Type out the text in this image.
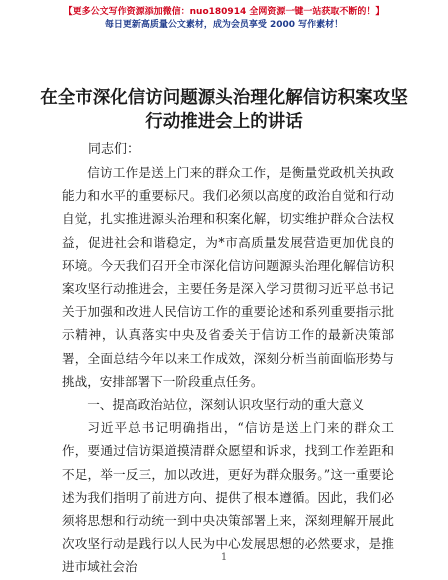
【更多公文写作资源添加微信：nuo180914 全网资源一键一站获取不断的！】
每日更新高质量公文素材，成为会员享受 2000 写作素材！
在全市深化信访问题源头治理化解信访积案攻坚行动推进会上的讲话
同志们：

信访工作是送上门来的群众工作，是衡量党政机关执政能力和水平的重要标尺。我们必须以高度的政治自觉和行动自觉，扎实推进源头治理和积案化解，切实维护群众合法权益，促进社会和谐稳定，为*市高质量发展营造更加优良的环境。今天我们召开全市深化信访问题源头治理化解信访积案攻坚行动推进会，主要任务是深入学习贯彻习近平总书记关于加强和改进人民信访工作的重要论述和系列重要指示批示精神，认真落实中央及省委关于信访工作的最新决策部署，全面总结今年以来工作成效，深刻分析当前面临形势与挑战，安排部署下一阶段重点任务。

一、提高政治站位，深刻认识攻坚行动的重大意义

习近平总书记明确指出，“信访是送上门来的群众工作，要通过信访渠道摸清群众愿望和诉求，找到工作差距和不足，举一反三，加以改进，更好为群众服务。”这一重要论述为我们指明了前进方向、提供了根本遵循。因此，我们必须将思想和行动统一到中央决策部署上来，深刻理解开展此次攻坚行动是践行以人民为中心发展思想的必然要求，是推进市域社会治

1
